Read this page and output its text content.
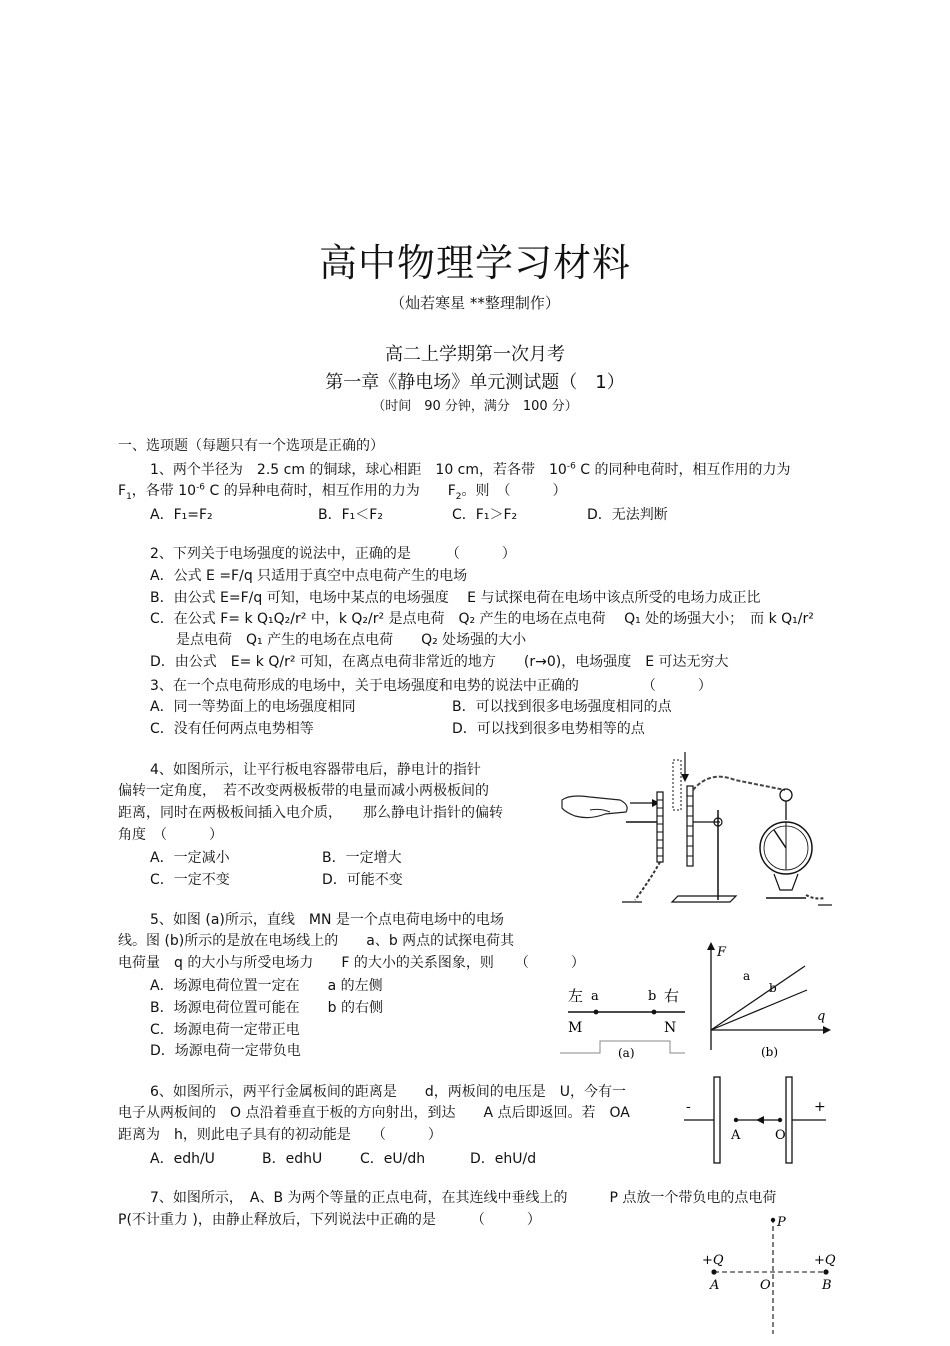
高中物理学习材料
（灿若寒星 **整理制作）
高二上学期第一次月考
第一章《静电场》单元测试题（　1）
（时间　90 分钟，满分　100 分）
一、选项题（每题只有一个选项是正确的）
1、两个半径为　2.5 cm 的铜球，球心相距　10 cm，若各带　$10^{-6}$ C 的同种电荷时，相互作用的力为
$F_1$，各带 $10^{-6}$ C 的异种电荷时，相互作用的力为　　$F_2$。则　（　　　）
A．F₁=F₂	B．F₁＜F₂	C．F₁＞F₂	D．无法判断
2、下列关于电场强度的说法中，正确的是　　　（　　　）
A．公式 E =F/q 只适用于真空中点电荷产生的电场
B．由公式 E=F/q 可知，电场中某点的电场强度　 E 与试探电荷在电场中该点所受的电场力成正比
C．在公式 F= k Q₁Q₂/r² 中，k Q₂/r² 是点电荷　Q₂ 产生的电场在点电荷　 Q₁ 处的场强大小；　而 k Q₁/r²
是点电荷　Q₁ 产生的电场在点电荷　　Q₂ 处场强的大小
D．由公式　E= k Q/r² 可知，在离点电荷非常近的地方　　(r→0)，电场强度　E 可达无穷大
3、在一个点电荷形成的电场中，关于电场强度和电势的说法中正确的　　　　　（　　　）
A．同一等势面上的电场强度相同	B．可以找到很多电场强度相同的点
C．没有任何两点电势相等	D．可以找到很多电势相等的点
4、如图所示，让平行板电容器带电后，静电计的指针
偏转一定角度，　若不改变两极板带的电量而减小两极板间的
距离，同时在两极板间插入电介质，　　那么静电计指针的偏转
角度　（　　　）
A．一定减小	B．一定增大
C．一定不变	D．可能不变
5、如图 (a)所示，直线　MN 是一个点电荷电场中的电场
线。图 (b)所示的是放在电场线上的　　a、b 两点的试探电荷其
电荷量　q 的大小与所受电场力　　F 的大小的关系图象，则　　（　　　）
A．场源电荷位置一定在　　a 的左侧
B．场源电荷位置可能在　　b 的右侧
C．场源电荷一定带正电
D．场源电荷一定带负电
左 a	b 右
M	N
(a)
F
q
a
b
(b)
6、如图所示，两平行金属板间的距离是　　d，两板间的电压是　U，今有一
电子从两板间的　O 点沿着垂直于板的方向射出，到达　　A 点后即返回。若　OA
距离为　h，则此电子具有的初动能是　　（　　　）
A．edh/U	B．edhU	C．eU/dh	D．ehU/d
-	+
A	O
7、如图所示，　A、B 为两个等量的正点电荷，在其连线中垂线上的　　　P 点放一个带负电的点电荷
P(不计重力 )，由静止释放后，下列说法中正确的是　　　（　　　）	P
+Q	+Q
A	O	B
